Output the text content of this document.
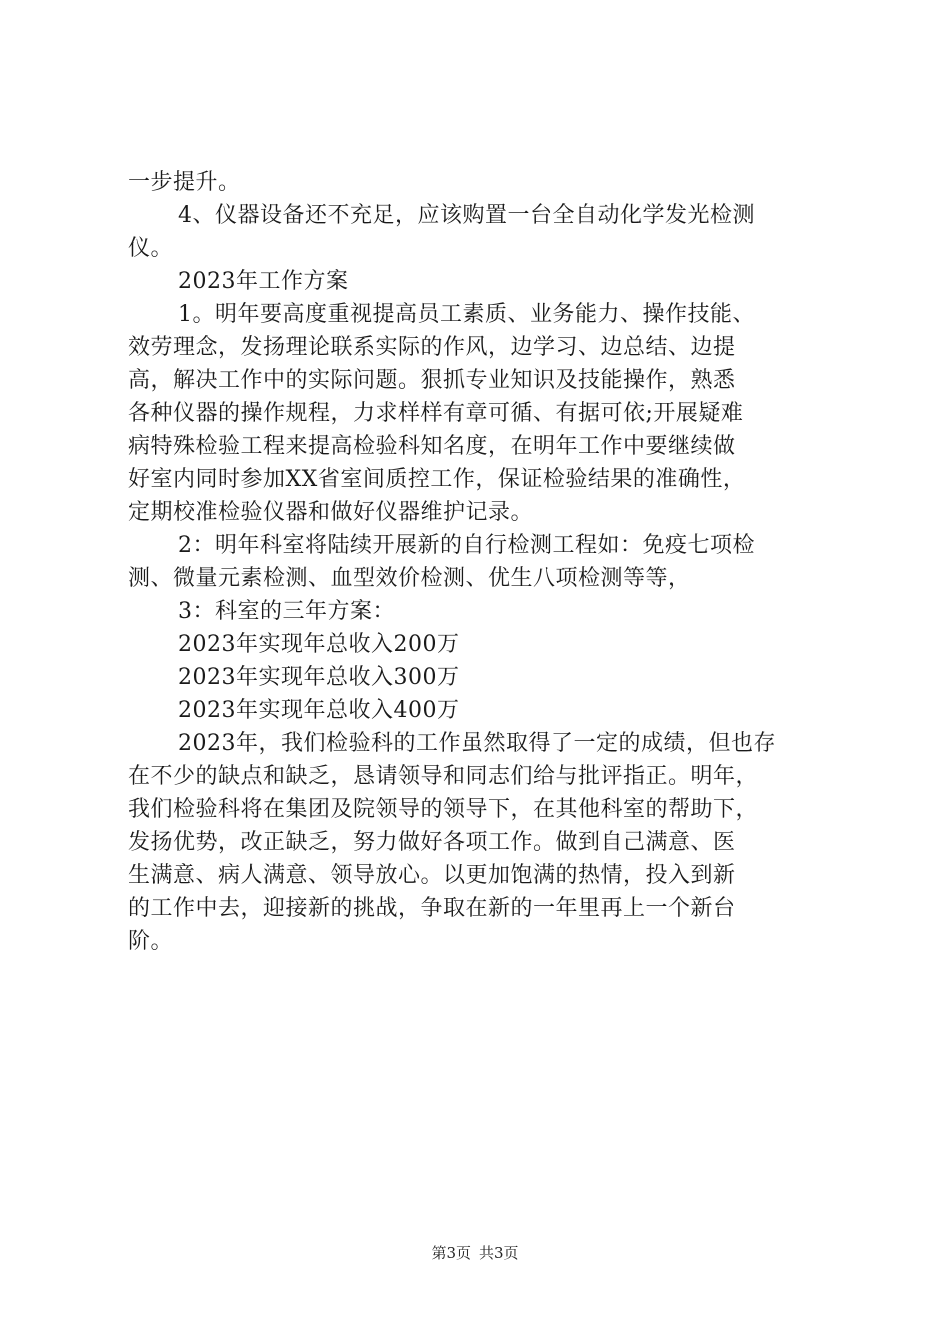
一步提升。
4、仪器设备还不充足，应该购置一台全自动化学发光检测
仪。
2023年工作方案
1。明年要高度重视提高员工素质、业务能力、操作技能、
效劳理念，发扬理论联系实际的作风，边学习、边总结、边提
高，解决工作中的实际问题。狠抓专业知识及技能操作，熟悉
各种仪器的操作规程，力求样样有章可循、有据可依;开展疑难
病特殊检验工程来提高检验科知名度，在明年工作中要继续做
好室内同时参加XX省室间质控工作，保证检验结果的准确性，
定期校准检验仪器和做好仪器维护记录。
2：明年科室将陆续开展新的自行检测工程如：免疫七项检
测、微量元素检测、血型效价检测、优生八项检测等等，
3：科室的三年方案：
2023年实现年总收入200万
2023年实现年总收入300万
2023年实现年总收入400万
2023年，我们检验科的工作虽然取得了一定的成绩，但也存
在不少的缺点和缺乏，恳请领导和同志们给与批评指正。明年，
我们检验科将在集团及院领导的领导下，在其他科室的帮助下，
发扬优势，改正缺乏，努力做好各项工作。做到自己满意、医
生满意、病人满意、领导放心。以更加饱满的热情，投入到新
的工作中去，迎接新的挑战，争取在新的一年里再上一个新台
阶。
第3页 共3页
